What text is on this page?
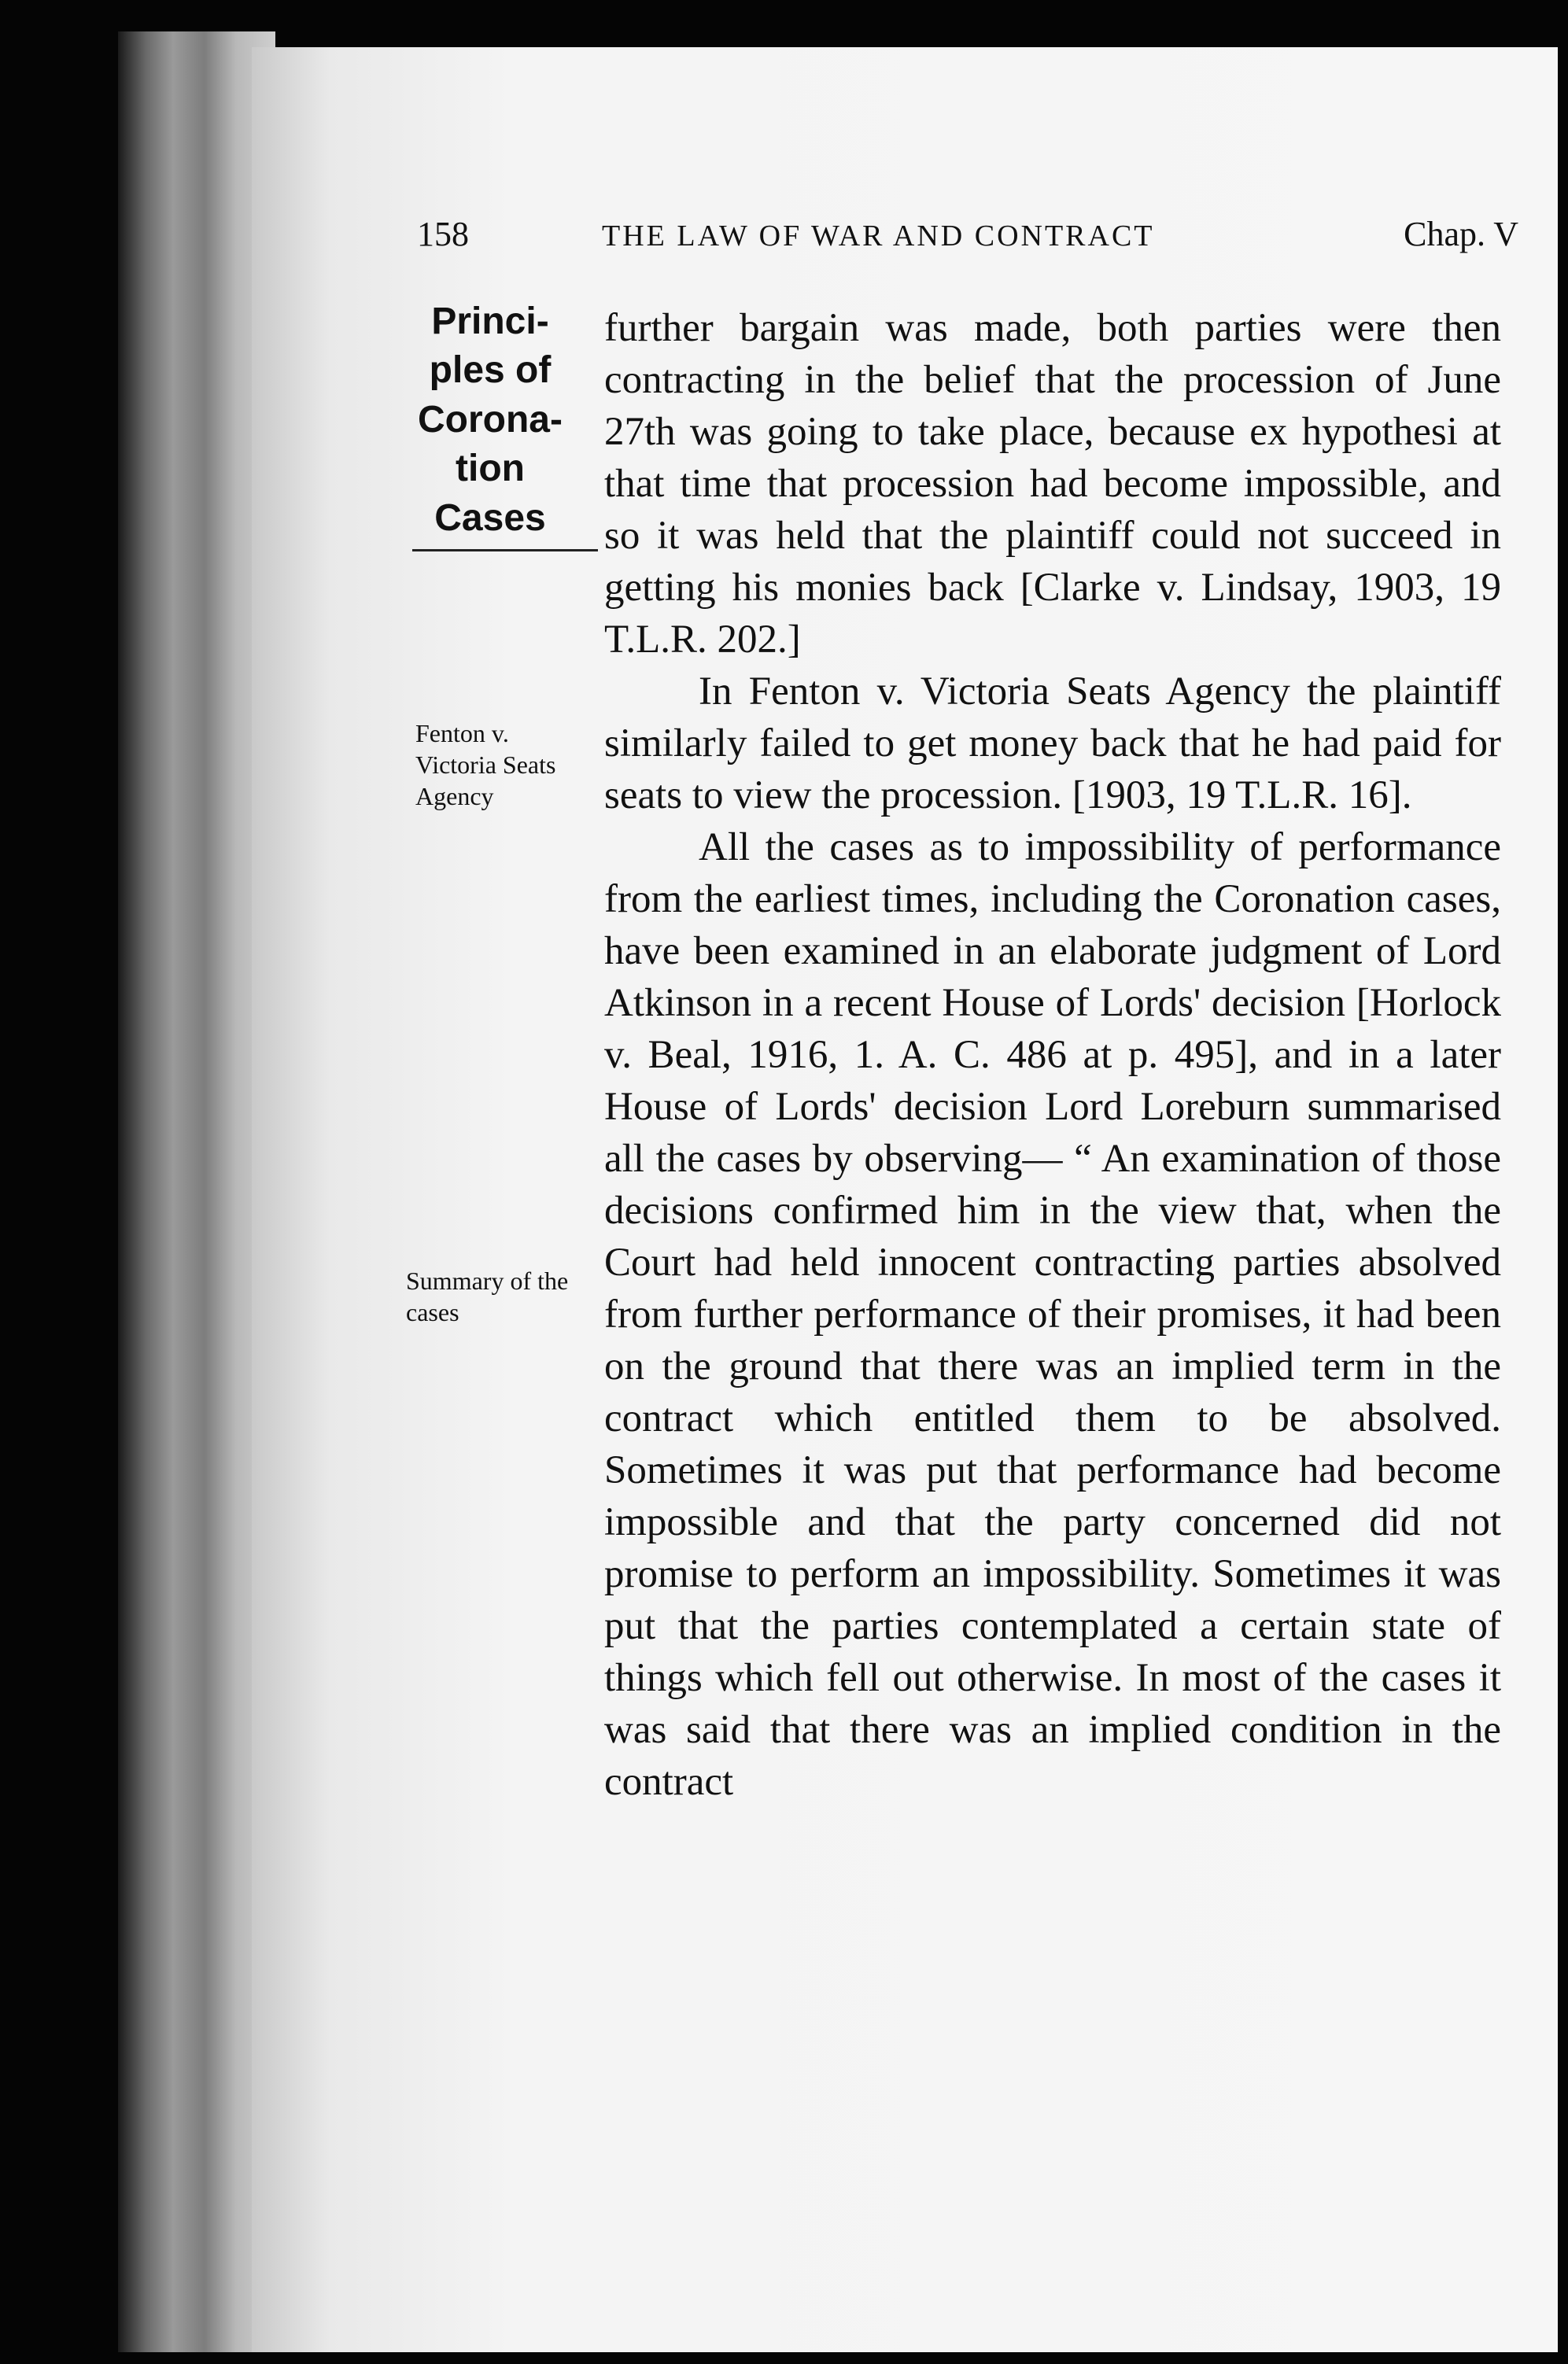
158	THE LAW OF WAR AND CONTRACT	Chap. V
Princi- ples of Corona- tion Cases
Fenton v. Victoria Seats Agency
Summary of the cases

further bargain was made, both parties were then contracting in the belief that the procession of June 27th was going to take place, because ex hypothesi at that time that procession had become impossible, and so it was held that the plaintiff could not succeed in getting his monies back [Clarke v. Lindsay, 1903, 19 T.L.R. 202.]

In Fenton v. Victoria Seats Agency the plaintiff similarly failed to get money back that he had paid for seats to view the procession. [1903, 19 T.L.R. 16].

All the cases as to impossibility of performance from the earliest times, including the Coronation cases, have been examined in an elaborate judgment of Lord Atkinson in a recent House of Lords' decision [Horlock v. Beal, 1916, 1. A. C. 486 at p. 495], and in a later House of Lords' decision Lord Loreburn summarised all the cases by observing— “ An examination of those decisions confirmed him in the view that, when the Court had held innocent contracting parties absolved from further performance of their promises, it had been on the ground that there was an implied term in the contract which entitled them to be absolved. Sometimes it was put that performance had become impossible and that the party concerned did not promise to perform an impossibility. Sometimes it was put that the parties contemplated a certain state of things which fell out otherwise. In most of the cases it was said that there was an implied condition in the contract
